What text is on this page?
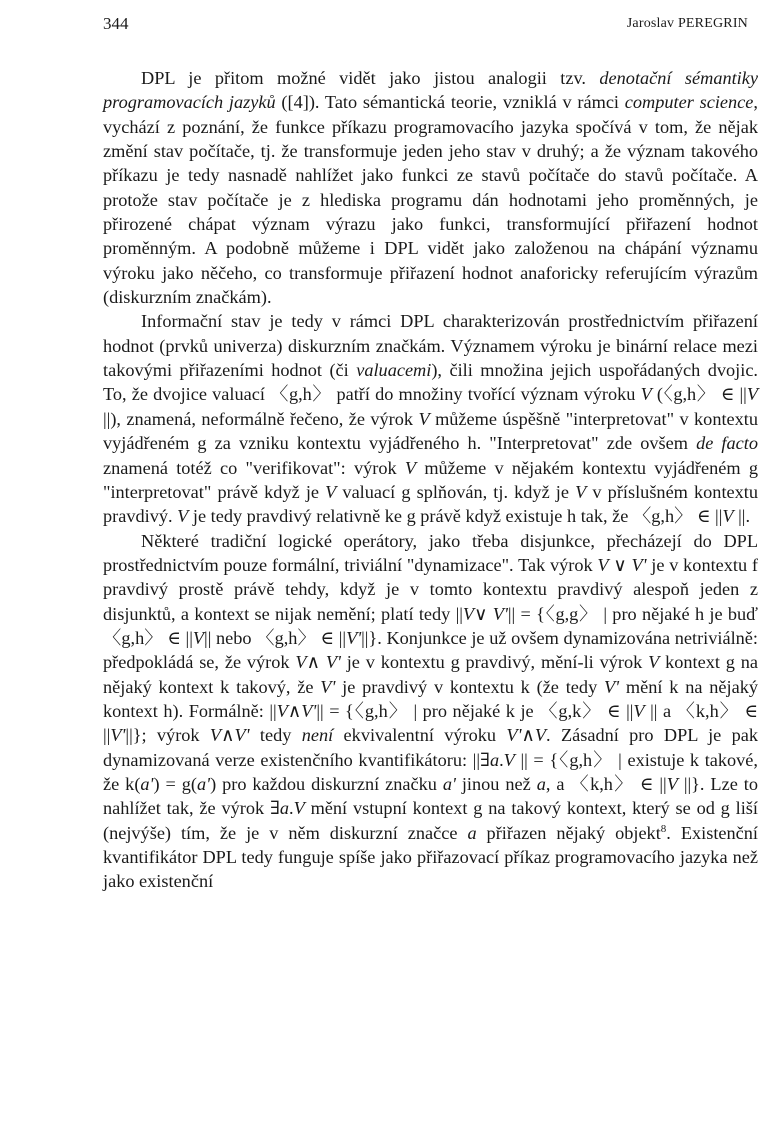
344	Jaroslav PEREGRIN

DPL je přitom možné vidět jako jistou analogii tzv. denotační sémantiky programovacích jazyků ([4]). Tato sémantická teorie, vzniklá v rámci computer science, vychází z poznání, že funkce příkazu programovacího jazyka spočívá v tom, že nějak změní stav počítače, tj. že transformuje jeden jeho stav v druhý; a že význam takového příkazu je tedy nasnadě nahlížet jako funkci ze stavů počítače do stavů počítače. A protože stav počítače je z hlediska programu dán hodnotami jeho proměnných, je přirozené chápat význam výrazu jako funkci, transformující přiřazení hodnot proměnným. A podobně můžeme i DPL vidět jako založenou na chápání významu výroku jako něčeho, co transformuje přiřazení hodnot anaforicky referujícím výrazům (diskurzním značkám).

Informační stav je tedy v rámci DPL charakterizován prostřednictvím přiřazení hodnot (prvků univerza) diskurzním značkám. Významem výroku je binární relace mezi takovými přiřazeními hodnot (či valuacemi), čili množina jejich uspořádaných dvojic. To, že dvojice valuací 〈g,h〉 patří do množiny tvořící význam výroku V (〈g,h〉 ∈ ||V ||), znamená, neformálně řečeno, že výrok V můžeme úspěšně "interpretovat" v kontextu vyjádřeném g za vzniku kontextu vyjádřeného h. "Interpretovat" zde ovšem de facto znamená totéž co "verifikovat": výrok V můžeme v nějakém kontextu vyjádřeném g "interpretovat" právě když je V valuací g splňován, tj. když je V v příslušném kontextu pravdivý. V je tedy pravdivý relativně ke g právě když existuje h tak, že 〈g,h〉 ∈ ||V ||.

Některé tradiční logické operátory, jako třeba disjunkce, přecházejí do DPL prostřednictvím pouze formální, triviální "dynamizace". Tak výrok V ∨ V' je v kontextu f pravdivý prostě právě tehdy, když je v tomto kontextu pravdivý alespoň jeden z disjunktů, a kontext se nijak nemění; platí tedy ||V∨ V'|| = {〈g,g〉 | pro nějaké h je buď 〈g,h〉 ∈ ||V|| nebo 〈g,h〉 ∈ ||V'||}. Konjunkce je už ovšem dynamizována netriviálně: předpokládá se, že výrok V∧ V' je v kontextu g pravdivý, mění-li výrok V kontext g na nějaký kontext k takový, že V' je pravdivý v kontextu k (že tedy V' mění k na nějaký kontext h). Formálně: ||V∧V'|| = {〈g,h〉 | pro nějaké k je 〈g,k〉 ∈ ||V || a 〈k,h〉 ∈ ||V'||}; výrok V∧V' tedy není ekvivalentní výroku V'∧V. Zásadní pro DPL je pak dynamizovaná verze existenčního kvantifikátoru: ||∃a.V || = {〈g,h〉 | existuje k takové, že k(a') = g(a') pro každou diskurzní značku a' jinou než a, a 〈k,h〉 ∈ ||V ||}. Lze to nahlížet tak, že výrok ∃a.V mění vstupní kontext g na takový kontext, který se od g liší (nejvýše) tím, že je v něm diskurzní značce a přiřazen nějaký objekt$^8$. Existenční kvantifikátor DPL tedy funguje spíše jako přiřazovací příkaz programovacího jazyka než jako existenční
